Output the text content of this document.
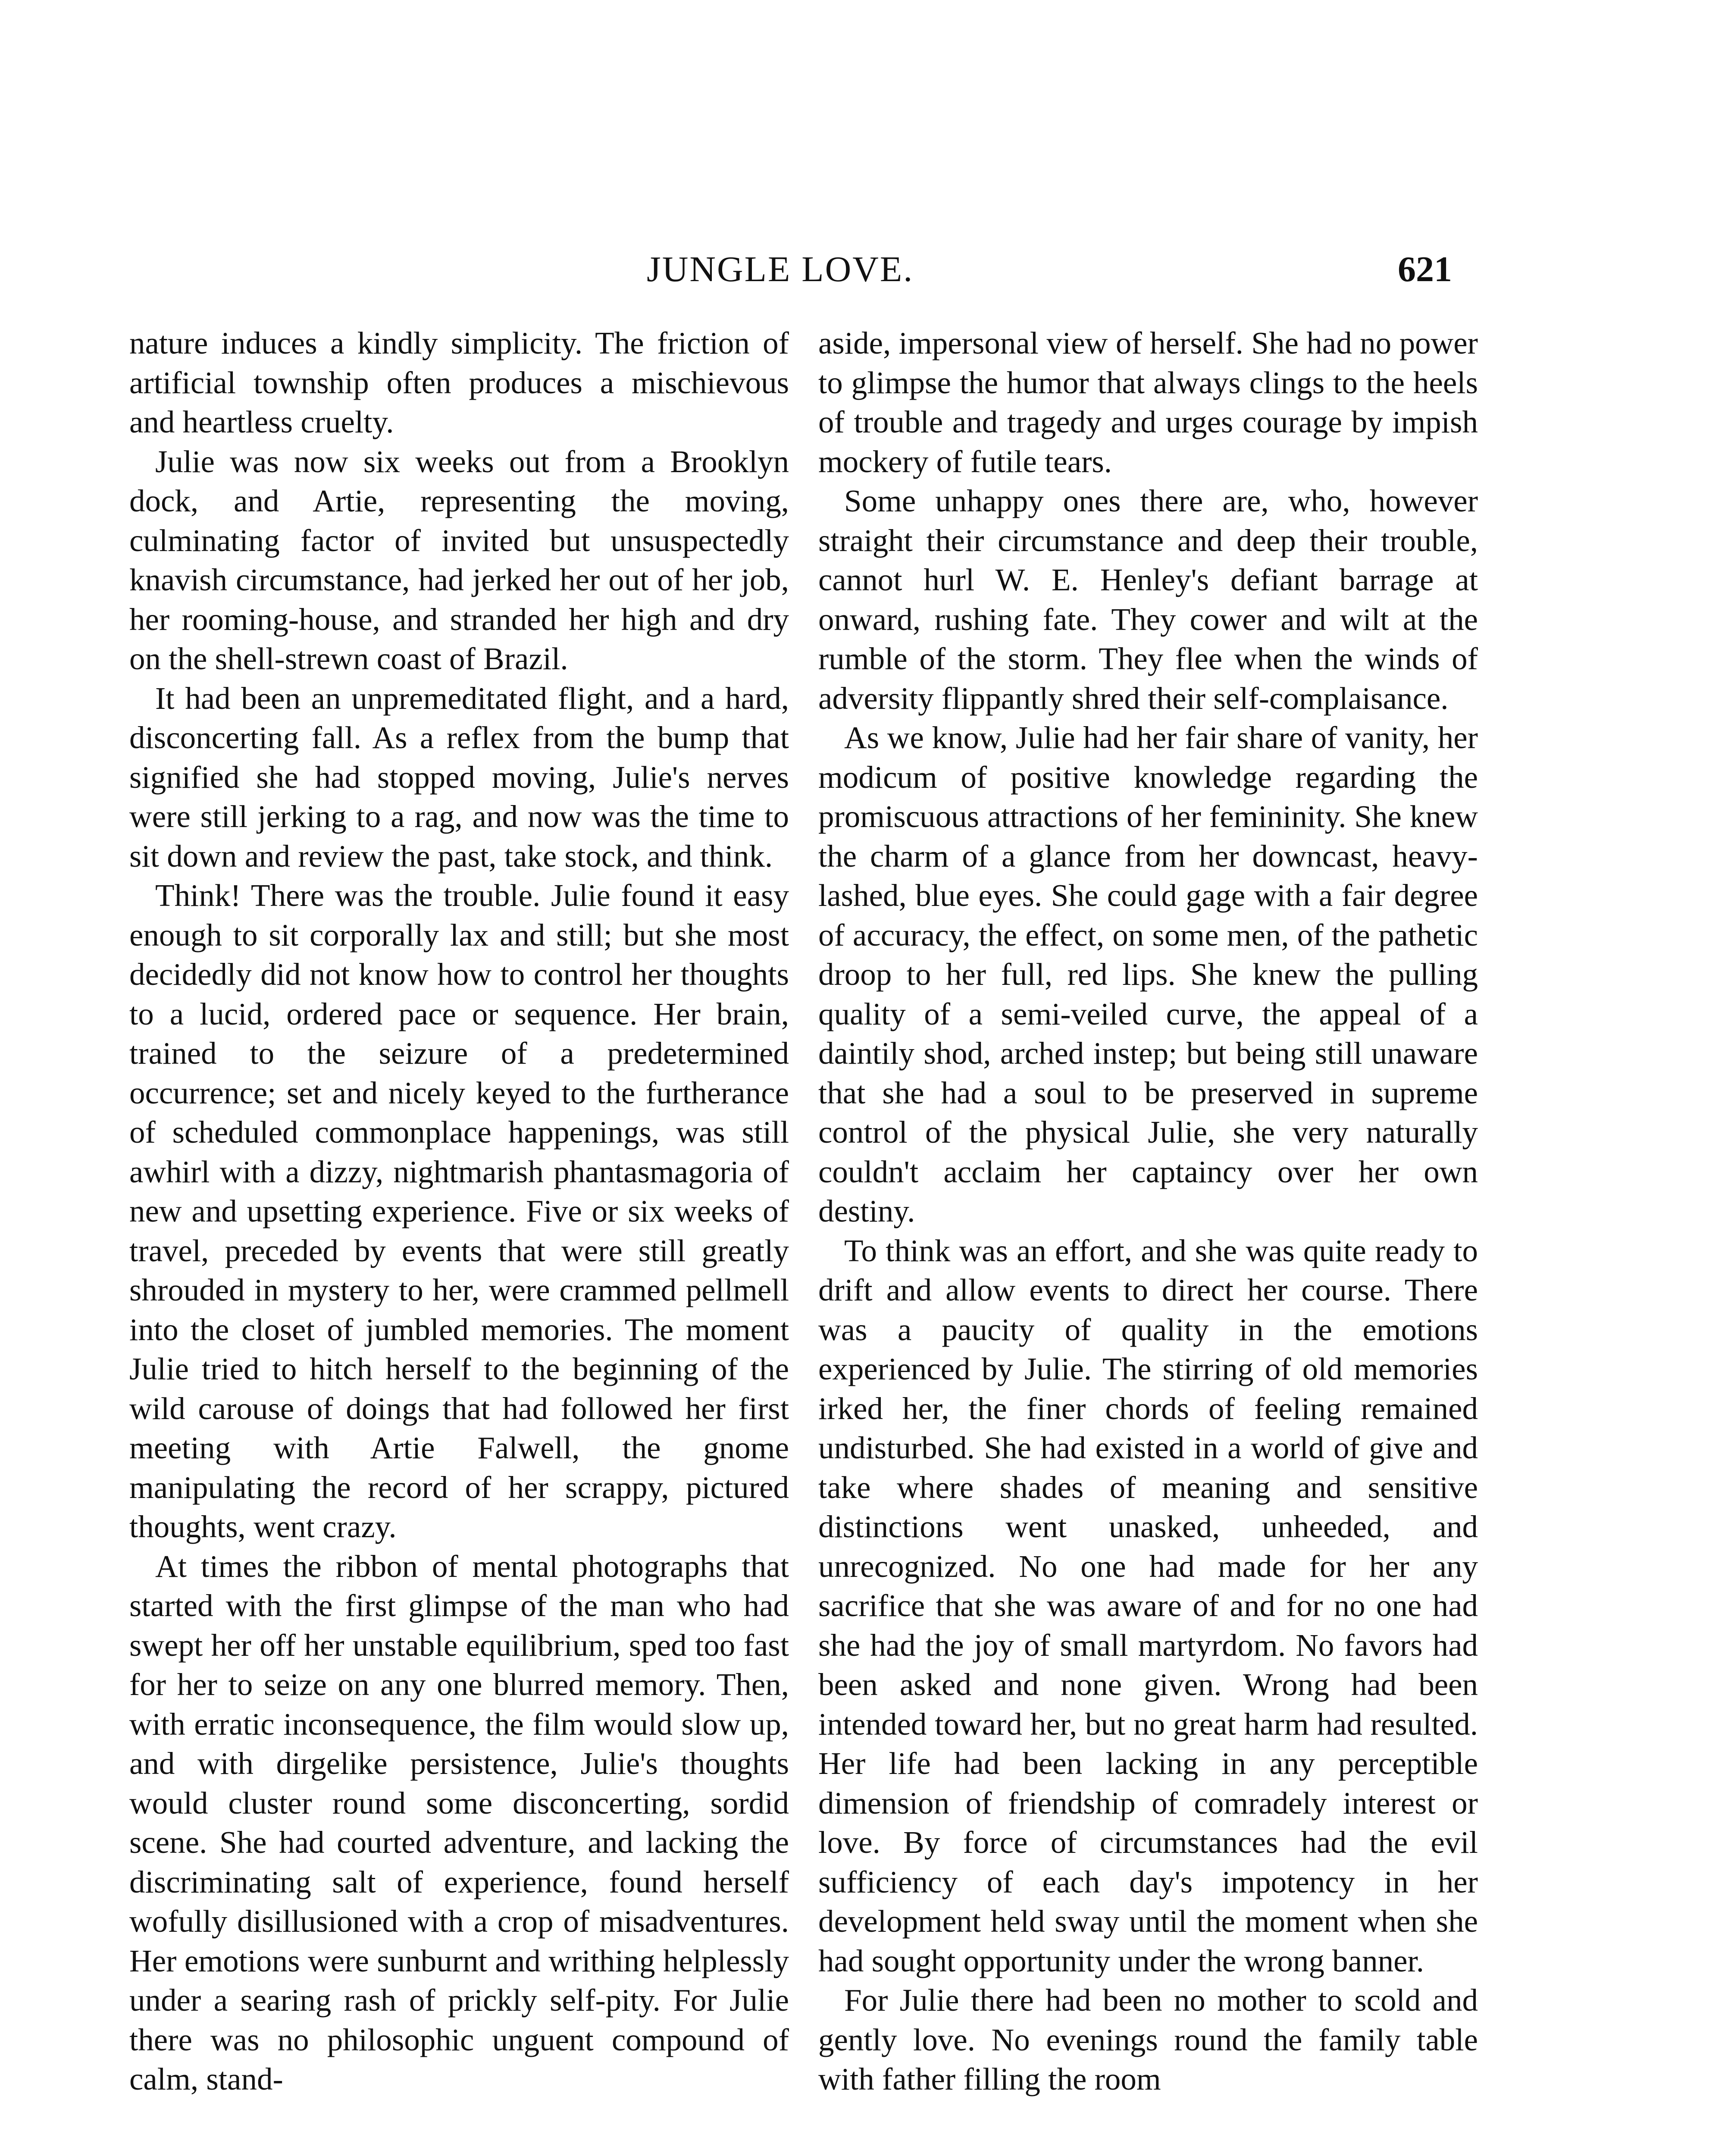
JUNGLE LOVE.	621

nature induces a kindly simplicity. The friction of artificial township often produces a mischievous and heartless cruelty.

Julie was now six weeks out from a Brooklyn dock, and Artie, representing the moving, culminating factor of invited but unsuspectedly knavish circumstance, had jerked her out of her job, her rooming-house, and stranded her high and dry on the shell-strewn coast of Brazil.

It had been an unpremeditated flight, and a hard, disconcerting fall. As a reflex from the bump that signified she had stopped moving, Julie's nerves were still jerking to a rag, and now was the time to sit down and review the past, take stock, and think.

Think! There was the trouble. Julie found it easy enough to sit corporally lax and still; but she most decidedly did not know how to control her thoughts to a lucid, ordered pace or sequence. Her brain, trained to the seizure of a predetermined occurrence; set and nicely keyed to the furtherance of scheduled commonplace happenings, was still awhirl with a dizzy, nightmarish phantasmagoria of new and upsetting experience. Five or six weeks of travel, preceded by events that were still greatly shrouded in mystery to her, were crammed pellmell into the closet of jumbled memories. The moment Julie tried to hitch herself to the beginning of the wild carouse of doings that had followed her first meeting with Artie Falwell, the gnome manipulating the record of her scrappy, pictured thoughts, went crazy.

At times the ribbon of mental photographs that started with the first glimpse of the man who had swept her off her unstable equilibrium, sped too fast for her to seize on any one blurred memory. Then, with erratic inconsequence, the film would slow up, and with dirgelike persistence, Julie's thoughts would cluster round some disconcerting, sordid scene. She had courted adventure, and lacking the discriminating salt of experience, found herself wofully disillusioned with a crop of misadventures. Her emotions were sunburnt and writhing helplessly under a searing rash of prickly self-pity. For Julie there was no philosophic unguent compound of calm, stand-

aside, impersonal view of herself. She had no power to glimpse the humor that always clings to the heels of trouble and tragedy and urges courage by impish mockery of futile tears.

Some unhappy ones there are, who, however straight their circumstance and deep their trouble, cannot hurl W. E. Henley's defiant barrage at onward, rushing fate. They cower and wilt at the rumble of the storm. They flee when the winds of adversity flippantly shred their self-complaisance.

As we know, Julie had her fair share of vanity, her modicum of positive knowledge regarding the promiscuous attractions of her femininity. She knew the charm of a glance from her downcast, heavy-lashed, blue eyes. She could gage with a fair degree of accuracy, the effect, on some men, of the pathetic droop to her full, red lips. She knew the pulling quality of a semi-veiled curve, the appeal of a daintily shod, arched instep; but being still unaware that she had a soul to be preserved in supreme control of the physical Julie, she very naturally couldn't acclaim her captaincy over her own destiny.

To think was an effort, and she was quite ready to drift and allow events to direct her course. There was a paucity of quality in the emotions experienced by Julie. The stirring of old memories irked her, the finer chords of feeling remained undisturbed. She had existed in a world of give and take where shades of meaning and sensitive distinctions went unasked, unheeded, and unrecognized. No one had made for her any sacrifice that she was aware of and for no one had she had the joy of small martyrdom. No favors had been asked and none given. Wrong had been intended toward her, but no great harm had resulted. Her life had been lacking in any perceptible dimension of friendship of comradely interest or love. By force of circumstances had the evil sufficiency of each day's impotency in her development held sway until the moment when she had sought opportunity under the wrong banner.

For Julie there had been no mother to scold and gently love. No evenings round the family table with father filling the room
